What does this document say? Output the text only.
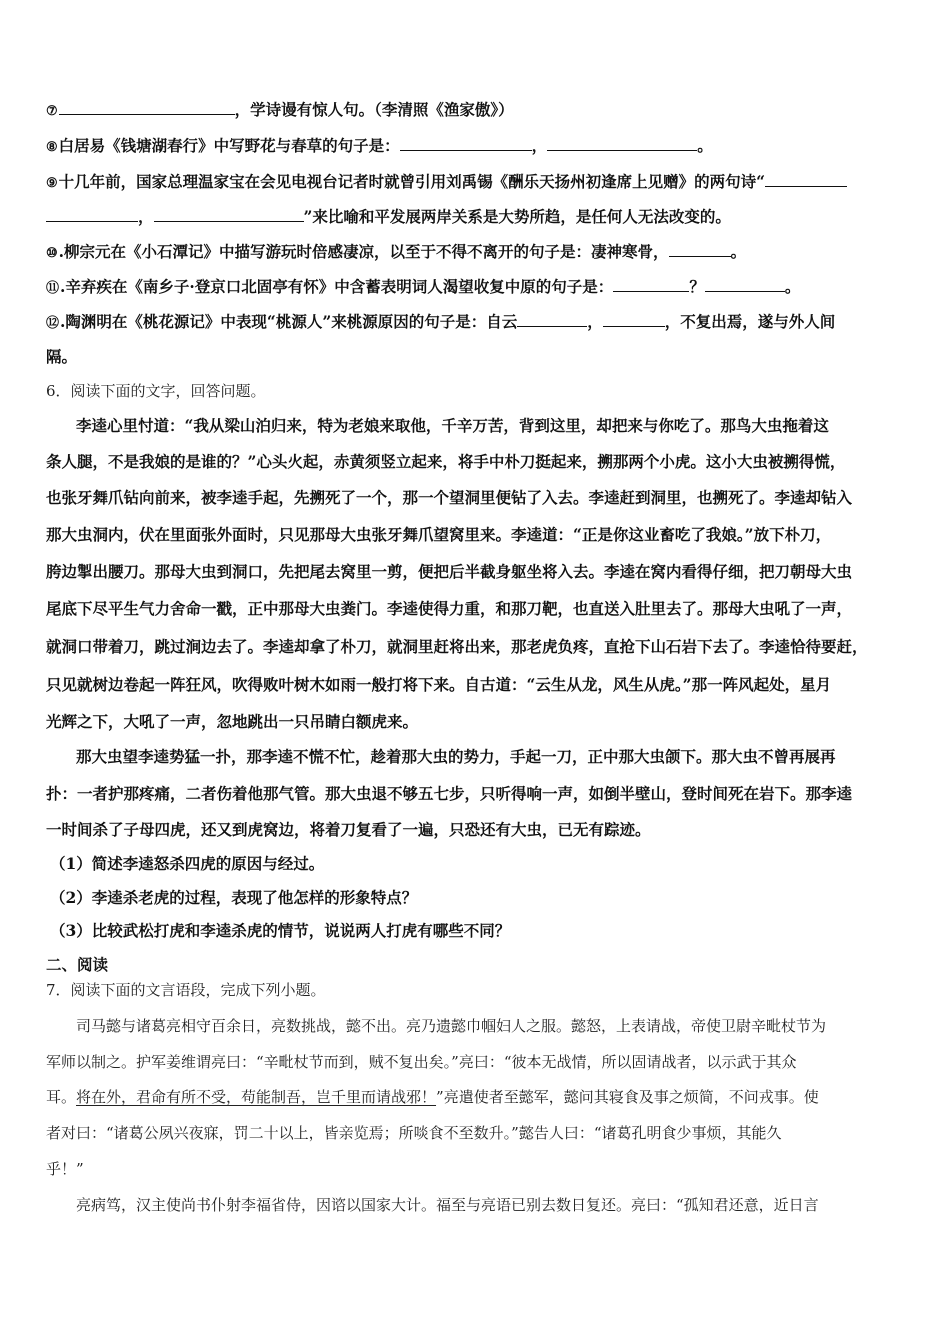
⑦	，学诗谩有惊人句。（李清照《渔家傲》）
⑧白居易《钱塘湖春行》中写野花与春草的句子是：	，	。
⑨十几年前，国家总理温家宝在会见电视台记者时就曾引用刘禹锡《酬乐天扬州初逢席上见赠》的两句诗“
，	”来比喻和平发展两岸关系是大势所趋，是任何人无法改变的。
⑩.柳宗元在《小石潭记》中描写游玩时倍感凄凉，以至于不得不离开的句子是：凄神寒骨，	。
⑪.辛弃疾在《南乡子·登京口北固亭有怀》中含蓄表明词人渴望收复中原的句子是：	？	。
⑫.陶渊明在《桃花源记》中表现“桃源人”来桃源原因的句子是：自云	，	，不复出焉，遂与外人间
隔。
6．阅读下面的文字，回答问题。
李逵心里忖道：“我从梁山泊归来，特为老娘来取他，千辛万苦，背到这里，却把来与你吃了。那鸟大虫拖着这
条人腿，不是我娘的是谁的？”心头火起，赤黄须竖立起来，将手中朴刀挺起来，搠那两个小虎。这小大虫被搠得慌，
也张牙舞爪钻向前来，被李逵手起，先搠死了一个，那一个望洞里便钻了入去。李逵赶到洞里，也搠死了。李逵却钻入
那大虫洞内，伏在里面张外面时，只见那母大虫张牙舞爪望窝里来。李逵道：“正是你这业畜吃了我娘。”放下朴刀，
胯边掣出腰刀。那母大虫到洞口，先把尾去窝里一剪，便把后半截身躯坐将入去。李逵在窝内看得仔细，把刀朝母大虫
尾底下尽平生气力舍命一戳，正中那母大虫粪门。李逵使得力重，和那刀靶，也直送入肚里去了。那母大虫吼了一声，
就洞口带着刀，跳过涧边去了。李逵却拿了朴刀，就洞里赶将出来，那老虎负疼，直抢下山石岩下去了。李逵恰待要赶，
只见就树边卷起一阵狂风，吹得败叶树木如雨一般打将下来。自古道：“云生从龙，风生从虎。”那一阵风起处，星月
光辉之下，大吼了一声，忽地跳出一只吊睛白额虎来。
那大虫望李逵势猛一扑，那李逵不慌不忙，趁着那大虫的势力，手起一刀，正中那大虫颌下。那大虫不曾再展再
扑：一者护那疼痛，二者伤着他那气管。那大虫退不够五七步，只听得响一声，如倒半壁山，登时间死在岩下。那李逵
一时间杀了子母四虎，还又到虎窝边，将着刀复看了一遍，只恐还有大虫，已无有踪迹。
（1）简述李逵怒杀四虎的原因与经过。
（2）李逵杀老虎的过程，表现了他怎样的形象特点？
（3）比较武松打虎和李逵杀虎的情节，说说两人打虎有哪些不同？
二、阅读
7．阅读下面的文言语段，完成下列小题。
司马懿与诸葛亮相守百余日，亮数挑战，懿不出。亮乃遗懿巾帼妇人之服。懿怒，上表请战，帝使卫尉辛毗杖节为
军师以制之。护军姜维谓亮曰：“辛毗杖节而到，贼不复出矣。”亮曰：“彼本无战情，所以固请战者，以示武于其众
耳。将在外，君命有所不受，苟能制吾，岂千里而请战邪！”亮遣使者至懿军，懿问其寝食及事之烦简，不问戎事。使
者对曰：“诸葛公夙兴夜寐，罚二十以上，皆亲览焉；所啖食不至数升。”懿告人曰：“诸葛孔明食少事烦，其能久
乎！”
亮病笃，汉主使尚书仆射李福省侍，因谘以国家大计。福至与亮语已别去数日复还。亮曰：“孤知君还意，近日言
